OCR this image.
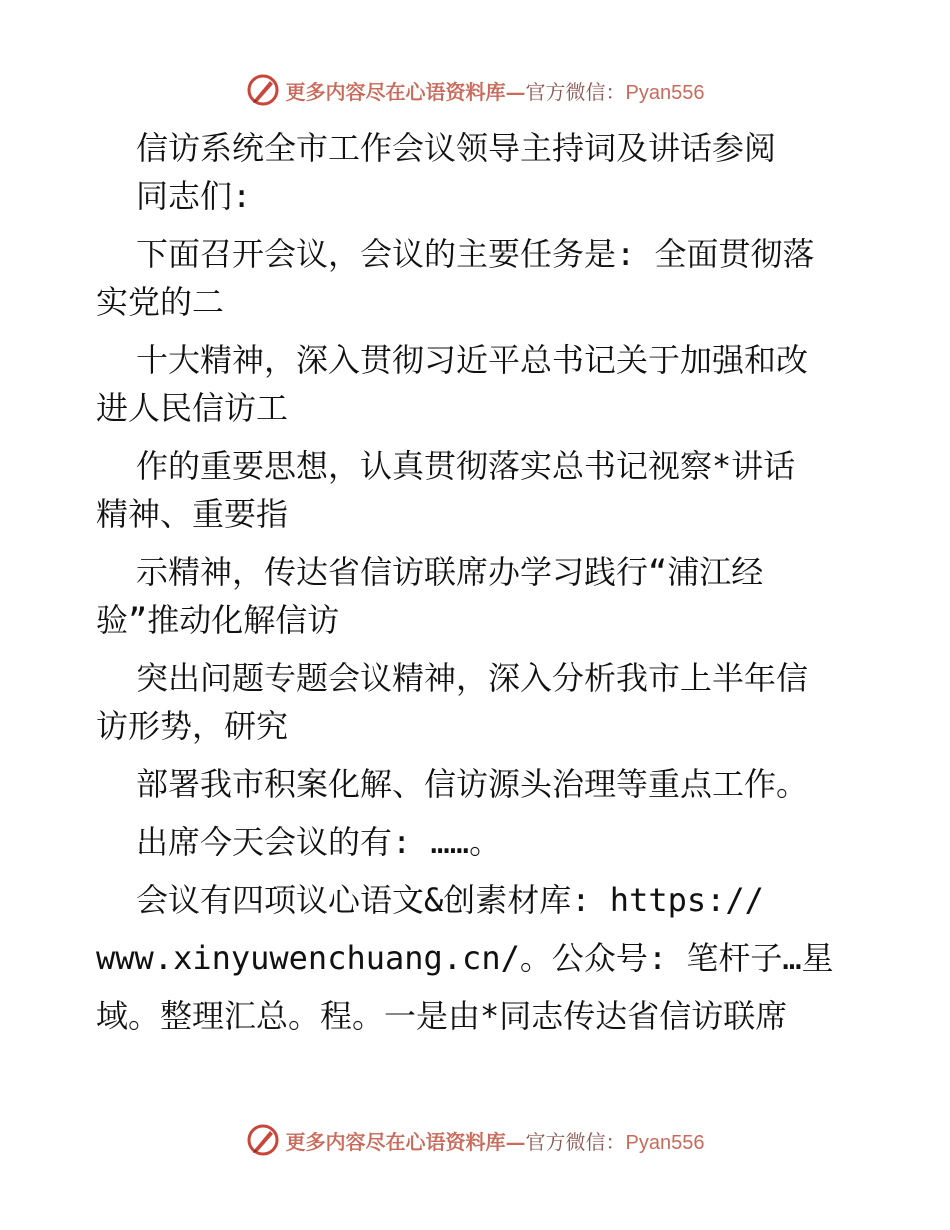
更多内容尽在心语资料库—官方微信：Pyan556
信访系统全市工作会议领导主持词及讲话参阅
同志们:
下面召开会议，会议的主要任务是: 全面贯彻落
实党的二
十大精神，深入贯彻习近平总书记关于加强和改
进人民信访工
作的重要思想，认真贯彻落实总书记视察*讲话
精神、重要指
示精神，传达省信访联席办学习践行“浦江经
验”推动化解信访
突出问题专题会议精神，深入分析我市上半年信
访形势，研究
部署我市积案化解、信访源头治理等重点工作。
出席今天会议的有: ……。
会议有四项议心语文&创素材库: https://
www.xinyuwenchuang.cn/。公众号: 笔杆子…星
域。整理汇总。程。一是由*同志传达省信访联席
更多内容尽在心语资料库—官方微信：Pyan556
